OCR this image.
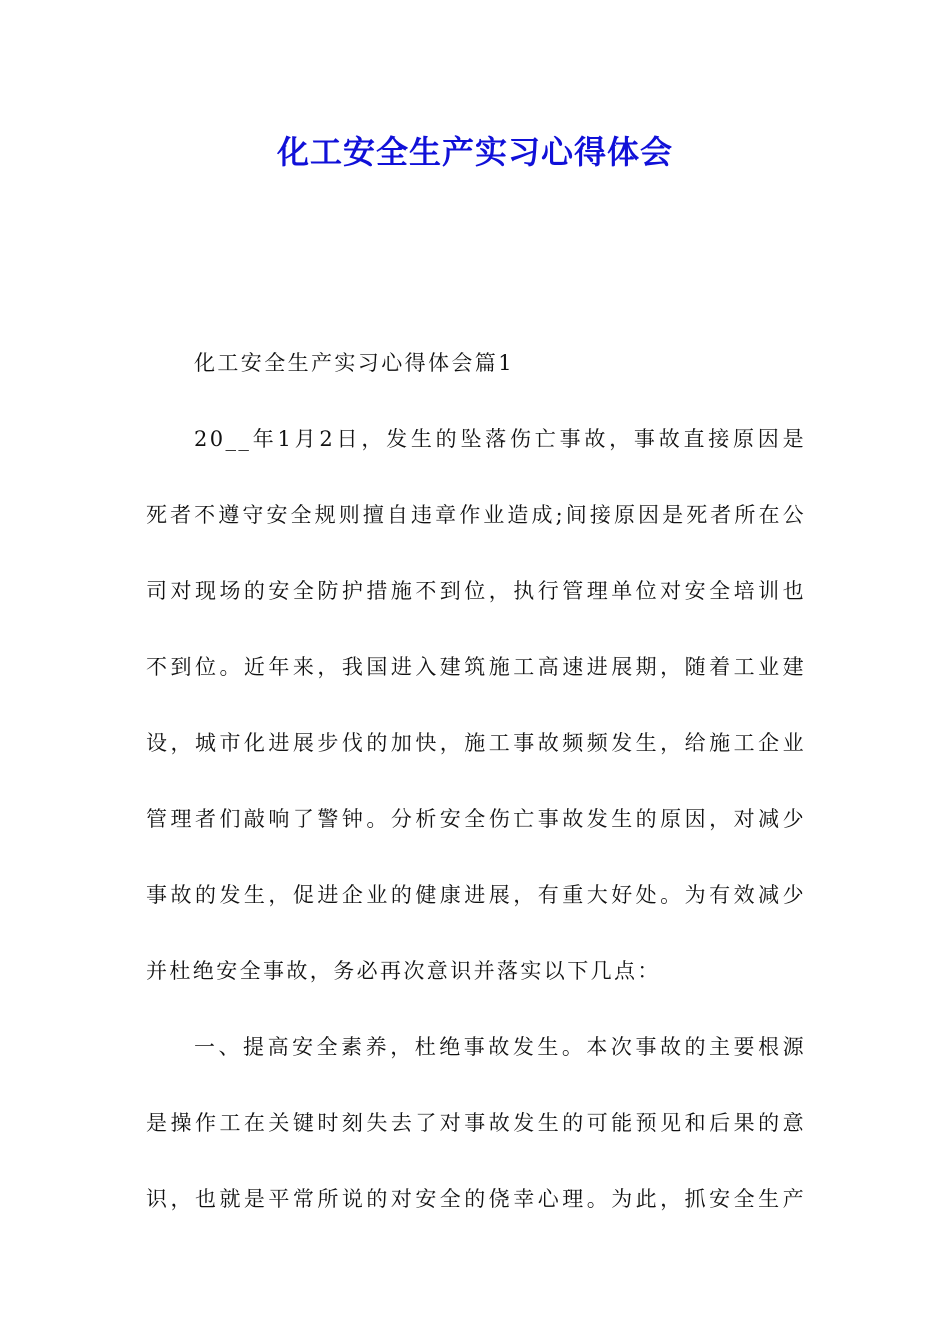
化工安全生产实习心得体会
化工安全生产实习心得体会篇1
20__年1月2日，发生的坠落伤亡事故，事故直接原因是
死者不遵守安全规则擅自违章作业造成;间接原因是死者所在公
司对现场的安全防护措施不到位，执行管理单位对安全培训也
不到位。近年来，我国进入建筑施工高速进展期，随着工业建
设，城市化进展步伐的加快，施工事故频频发生，给施工企业
管理者们敲响了警钟。分析安全伤亡事故发生的原因，对减少
事故的发生，促进企业的健康进展，有重大好处。为有效减少
并杜绝安全事故，务必再次意识并落实以下几点：
一、提高安全素养，杜绝事故发生。本次事故的主要根源
是操作工在关键时刻失去了对事故发生的可能预见和后果的意
识，也就是平常所说的对安全的侥幸心理。为此，抓安全生产
